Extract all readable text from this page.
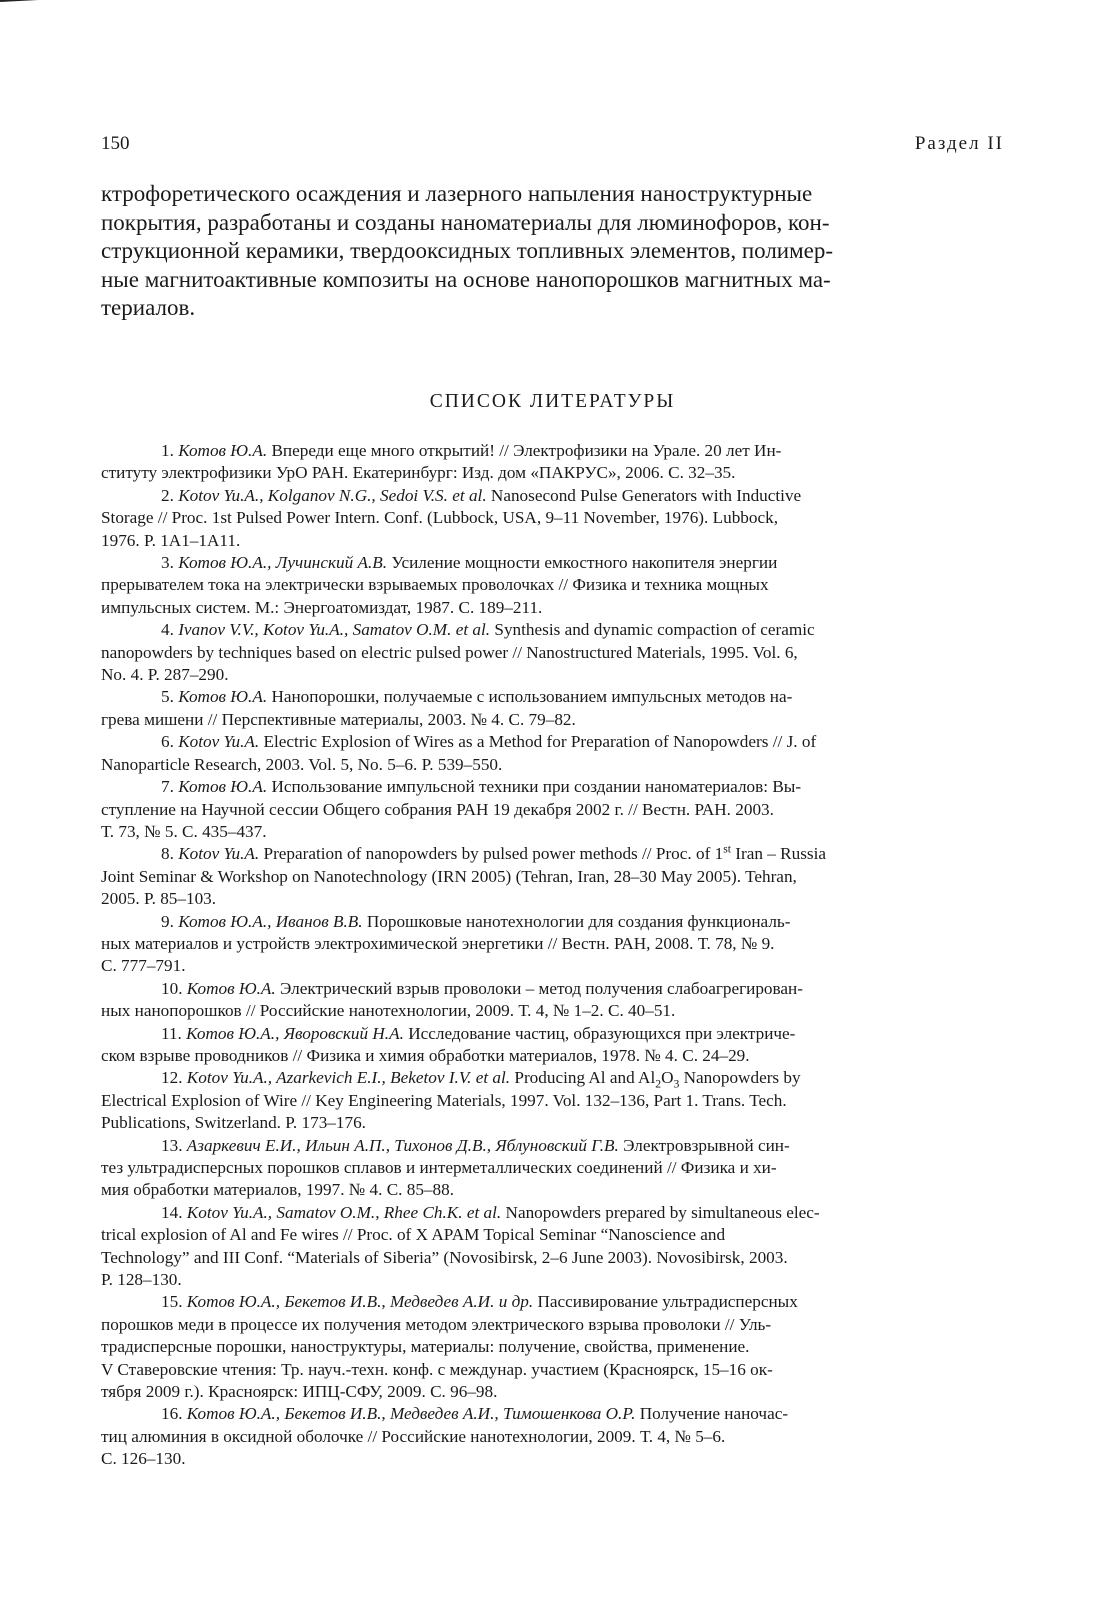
150	Раздел II

ктрофоретического осаждения и лазерного напыления наноструктурные
покрытия, разработаны и созданы наноматериалы для люминофоров, кон-
струкционной керамики, твердооксидных топливных элементов, полимер-
ные магнитоактивные композиты на основе нанопорошков магнитных ма-
териалов.

СПИСОК ЛИТЕРАТУРЫ
1. Котов Ю.А. Впереди еще много открытий! // Электрофизики на Урале. 20 лет Ин-
ституту электрофизики УрО РАН. Екатеринбург: Изд. дом «ПАКРУС», 2006. С. 32–35.
2. Kotov Yu.A., Kolganov N.G., Sedoi V.S. et al. Nanosecond Pulse Generators with Inductive
Storage // Proc. 1st Pulsed Power Intern. Conf. (Lubbock, USA, 9–11 November, 1976). Lubbock,
1976. P. 1A1–1A11.
3. Котов Ю.А., Лучинский А.В. Усиление мощности емкостного накопителя энергии
прерывателем тока на электрически взрываемых проволочках // Физика и техника мощных
импульсных систем. М.: Энергоатомиздат, 1987. С. 189–211.
4. Ivanov V.V., Kotov Yu.A., Samatov O.M. et al. Synthesis and dynamic compaction of ceramic
nanopowders by techniques based on electric pulsed power // Nanostructured Materials, 1995. Vol. 6,
No. 4. P. 287–290.
5. Котов Ю.А. Нанопорошки, получаемые с использованием импульсных методов на-
грева мишени // Перспективные материалы, 2003. № 4. С. 79–82.
6. Kotov Yu.A. Electric Explosion of Wires as a Method for Preparation of Nanopowders // J. of
Nanoparticle Research, 2003. Vol. 5, No. 5–6. P. 539–550.
7. Котов Ю.А. Использование импульсной техники при создании наноматериалов: Вы-
ступление на Научной сессии Общего собрания РАН 19 декабря 2002 г. // Вестн. РАН. 2003.
Т. 73, № 5. С. 435–437.
8. Kotov Yu.A. Preparation of nanopowders by pulsed power methods // Proc. of 1st Iran – Russia
Joint Seminar & Workshop on Nanotechnology (IRN 2005) (Tehran, Iran, 28–30 May 2005). Tehran,
2005. P. 85–103.
9. Котов Ю.А., Иванов В.В. Порошковые нанотехнологии для создания функциональ-
ных материалов и устройств электрохимической энергетики // Вестн. РАН, 2008. Т. 78, № 9.
С. 777–791.
10. Котов Ю.А. Электрический взрыв проволоки – метод получения слабоагрегирован-
ных нанопорошков // Российские нанотехнологии, 2009. Т. 4, № 1–2. С. 40–51.
11. Котов Ю.А., Яворовский Н.А. Исследование частиц, образующихся при электриче-
ском взрыве проводников // Физика и химия обработки материалов, 1978. № 4. С. 24–29.
12. Kotov Yu.A., Azarkevich E.I., Beketov I.V. et al. Producing Al and $Al_2O_3$ Nanopowders by
Electrical Explosion of Wire // Key Engineering Materials, 1997. Vol. 132–136, Part 1. Trans. Tech.
Publications, Switzerland. P. 173–176.
13. Азаркевич Е.И., Ильин А.П., Тихонов Д.В., Яблуновский Г.В. Электровзрывной син-
тез ультрадисперсных порошков сплавов и интерметаллических соединений // Физика и хи-
мия обработки материалов, 1997. № 4. С. 85–88.
14. Kotov Yu.A., Samatov O.M., Rhee Ch.K. et al. Nanopowders prepared by simultaneous elec-
trical explosion of Al and Fe wires // Proc. of X APAM Topical Seminar “Nanoscience and
Technology” and III Conf. “Materials of Siberia” (Novosibirsk, 2–6 June 2003). Novosibirsk, 2003.
P. 128–130.
15. Котов Ю.А., Бекетов И.В., Медведев А.И. и др. Пассивирование ультрадисперсных
порошков меди в процессе их получения методом электрического взрыва проволоки // Уль-
традисперсные порошки, наноструктуры, материалы: получение, свойства, применение.
V Ставеровские чтения: Тр. науч.-техн. конф. с междунар. участием (Красноярск, 15–16 ок-
тября 2009 г.). Красноярск: ИПЦ-СФУ, 2009. С. 96–98.
16. Котов Ю.А., Бекетов И.В., Медведев А.И., Тимошенкова О.Р. Получение наночас-
тиц алюминия в оксидной оболочке // Российские нанотехнологии, 2009. Т. 4, № 5–6.
С. 126–130.
